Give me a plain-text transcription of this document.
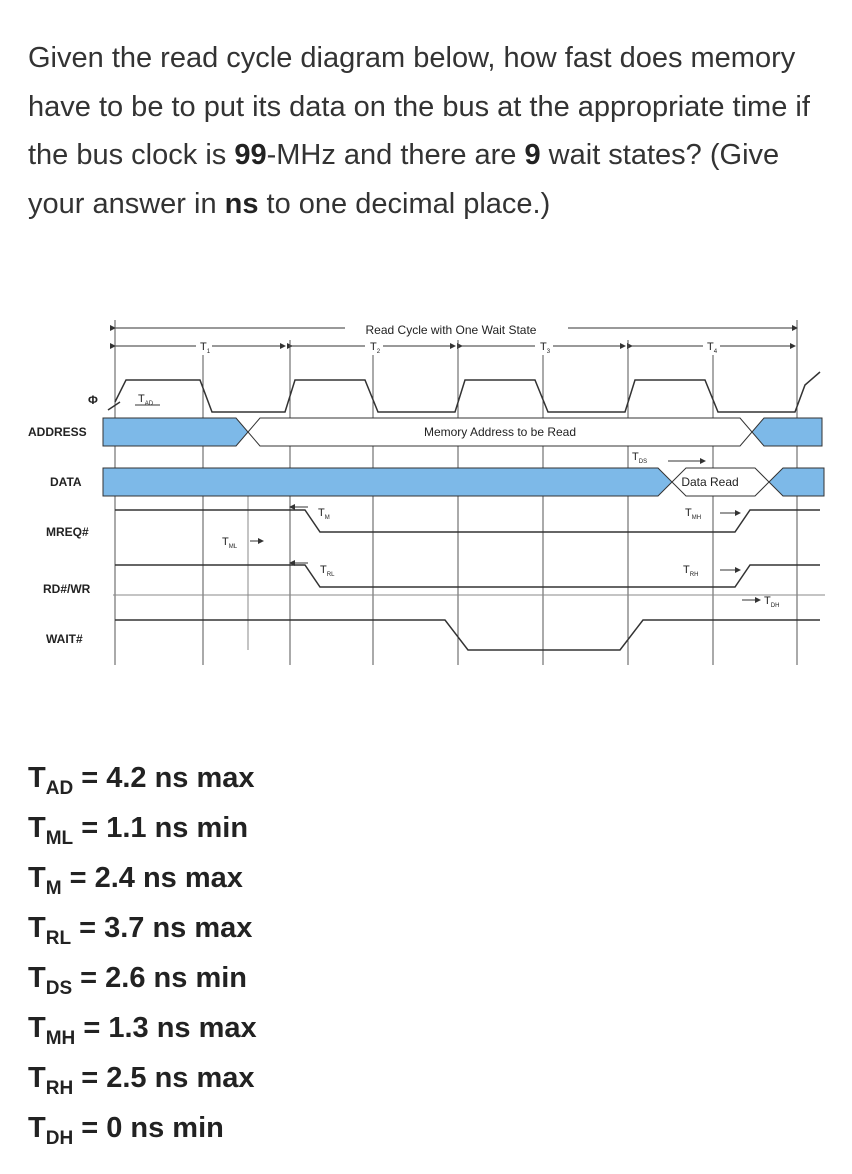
Given the read cycle diagram below, how fast does memory have to be to put its data on the bus at the appropriate time if the bus clock is 99-MHz and there are 9 wait states? (Give your answer in ns to one decimal place.)
Read Cycle with One Wait State
$T_1$	$T_2$	$T_3$	$T_4$
Φ
ADDRESS
DATA
MREQ#
RD#/WR
WAIT#
$T_{AD}$
Memory Address to be Read
$T_{DS}$
Data Read
$T_M$
$T_{ML}$
$T_{MH}$
$T_{RL}$	$T_{RH}$
$T_{DH}$
$T_{AD} = 4.2$ ns max
$T_{ML} = 1.1$ ns min
$T_M = 2.4$ ns max
$T_{RL} = 3.7$ ns max
$T_{DS} = 2.6$ ns min
$T_{MH} = 1.3$ ns max
$T_{RH} = 2.5$ ns max
$T_{DH} = 0$ ns min
